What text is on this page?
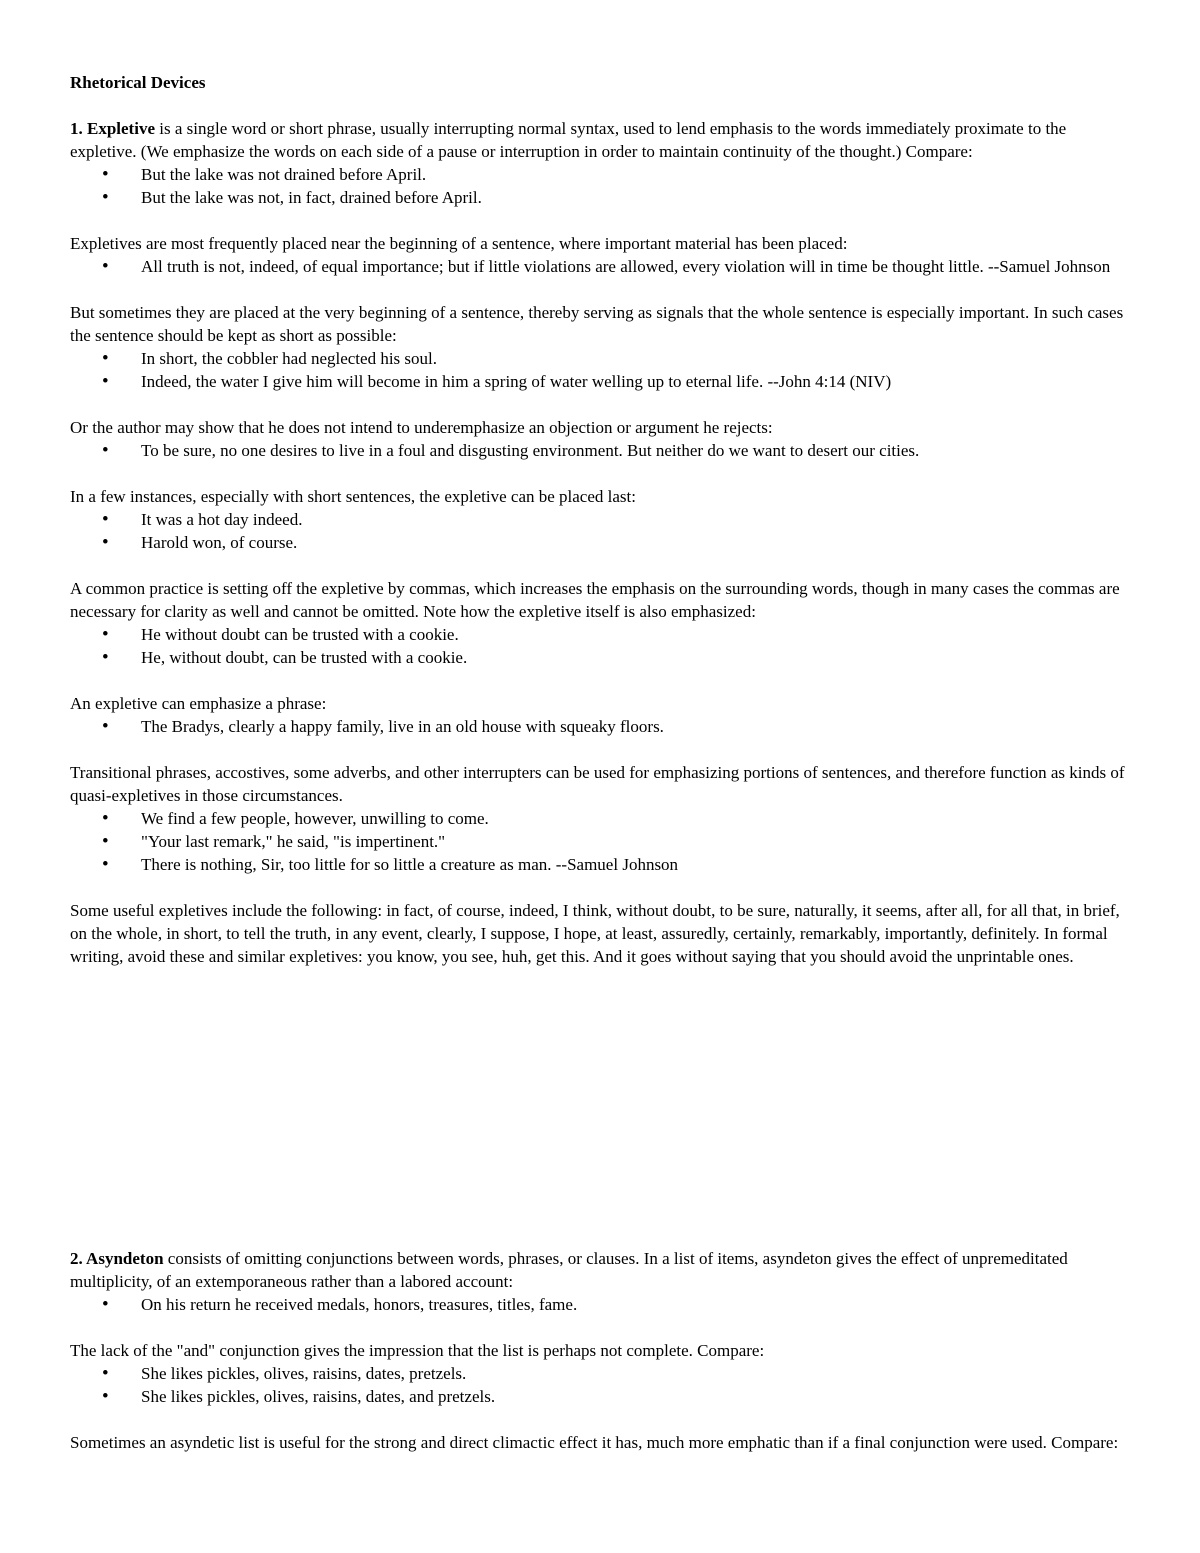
Rhetorical Devices

1. Expletive is a single word or short phrase, usually interrupting normal syntax, used to lend emphasis to the words immediately proximate to the expletive. (We emphasize the words on each side of a pause or interruption in order to maintain continuity of the thought.) Compare:

• But the lake was not drained before April.
• But the lake was not, in fact, drained before April.

Expletives are most frequently placed near the beginning of a sentence, where important material has been placed:

• All truth is not, indeed, of equal importance; but if little violations are allowed, every violation will in time be thought little. --Samuel Johnson

But sometimes they are placed at the very beginning of a sentence, thereby serving as signals that the whole sentence is especially important. In such cases the sentence should be kept as short as possible:

• In short, the cobbler had neglected his soul.
• Indeed, the water I give him will become in him a spring of water welling up to eternal life. --John 4:14 (NIV)

Or the author may show that he does not intend to underemphasize an objection or argument he rejects:

• To be sure, no one desires to live in a foul and disgusting environment. But neither do we want to desert our cities.

In a few instances, especially with short sentences, the expletive can be placed last:

• It was a hot day indeed.
• Harold won, of course.

A common practice is setting off the expletive by commas, which increases the emphasis on the surrounding words, though in many cases the commas are necessary for clarity as well and cannot be omitted. Note how the expletive itself is also emphasized:

• He without doubt can be trusted with a cookie.
• He, without doubt, can be trusted with a cookie.

An expletive can emphasize a phrase:

• The Bradys, clearly a happy family, live in an old house with squeaky floors.

Transitional phrases, accostives, some adverbs, and other interrupters can be used for emphasizing portions of sentences, and therefore function as kinds of quasi-expletives in those circumstances.

• We find a few people, however, unwilling to come.
• "Your last remark," he said, "is impertinent."
• There is nothing, Sir, too little for so little a creature as man. --Samuel Johnson

Some useful expletives include the following: in fact, of course, indeed, I think, without doubt, to be sure, naturally, it seems, after all, for all that, in brief, on the whole, in short, to tell the truth, in any event, clearly, I suppose, I hope, at least, assuredly, certainly, remarkably, importantly, definitely. In formal writing, avoid these and similar expletives: you know, you see, huh, get this. And it goes without saying that you should avoid the unprintable ones.

2. Asyndeton consists of omitting conjunctions between words, phrases, or clauses. In a list of items, asyndeton gives the effect of unpremeditated multiplicity, of an extemporaneous rather than a labored account:

• On his return he received medals, honors, treasures, titles, fame.

The lack of the "and" conjunction gives the impression that the list is perhaps not complete. Compare:

• She likes pickles, olives, raisins, dates, pretzels.
• She likes pickles, olives, raisins, dates, and pretzels.

Sometimes an asyndetic list is useful for the strong and direct climactic effect it has, much more emphatic than if a final conjunction were used. Compare:
